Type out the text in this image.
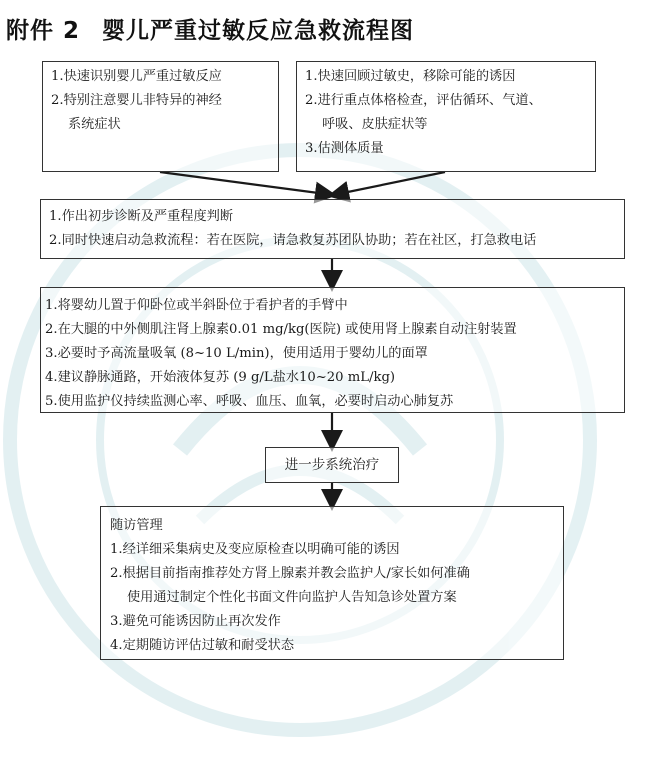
附件 2 婴儿严重过敏反应急救流程图

1.快速识别婴儿严重过敏反应

2.特别注意婴儿非特异的神经

系统症状

1.快速回顾过敏史，移除可能的诱因

2.进行重点体格检查，评估循环、气道、

呼吸、皮肤症状等

3.估测体质量

1.作出初步诊断及严重程度判断

2.同时快速启动急救流程：若在医院，请急救复苏团队协助；若在社区，打急救电话

1.将婴幼儿置于仰卧位或半斜卧位于看护者的手臂中

2.在大腿的中外侧肌注肾上腺素0.01 mg/kg(医院) 或使用肾上腺素自动注射装置

3.必要时予高流量吸氧 (8~10 L/min)，使用适用于婴幼儿的面罩

4.建议静脉通路，开始液体复苏 (9 g/L盐水10~20 mL/kg)

5.使用监护仪持续监测心率、呼吸、血压、血氧，必要时启动心肺复苏

进一步系统治疗

随访管理

1.经详细采集病史及变应原检查以明确可能的诱因

2.根据目前指南推荐处方肾上腺素并教会监护人/家长如何准确

使用通过制定个性化书面文件向监护人告知急诊处置方案

3.避免可能诱因防止再次发作

4.定期随访评估过敏和耐受状态
